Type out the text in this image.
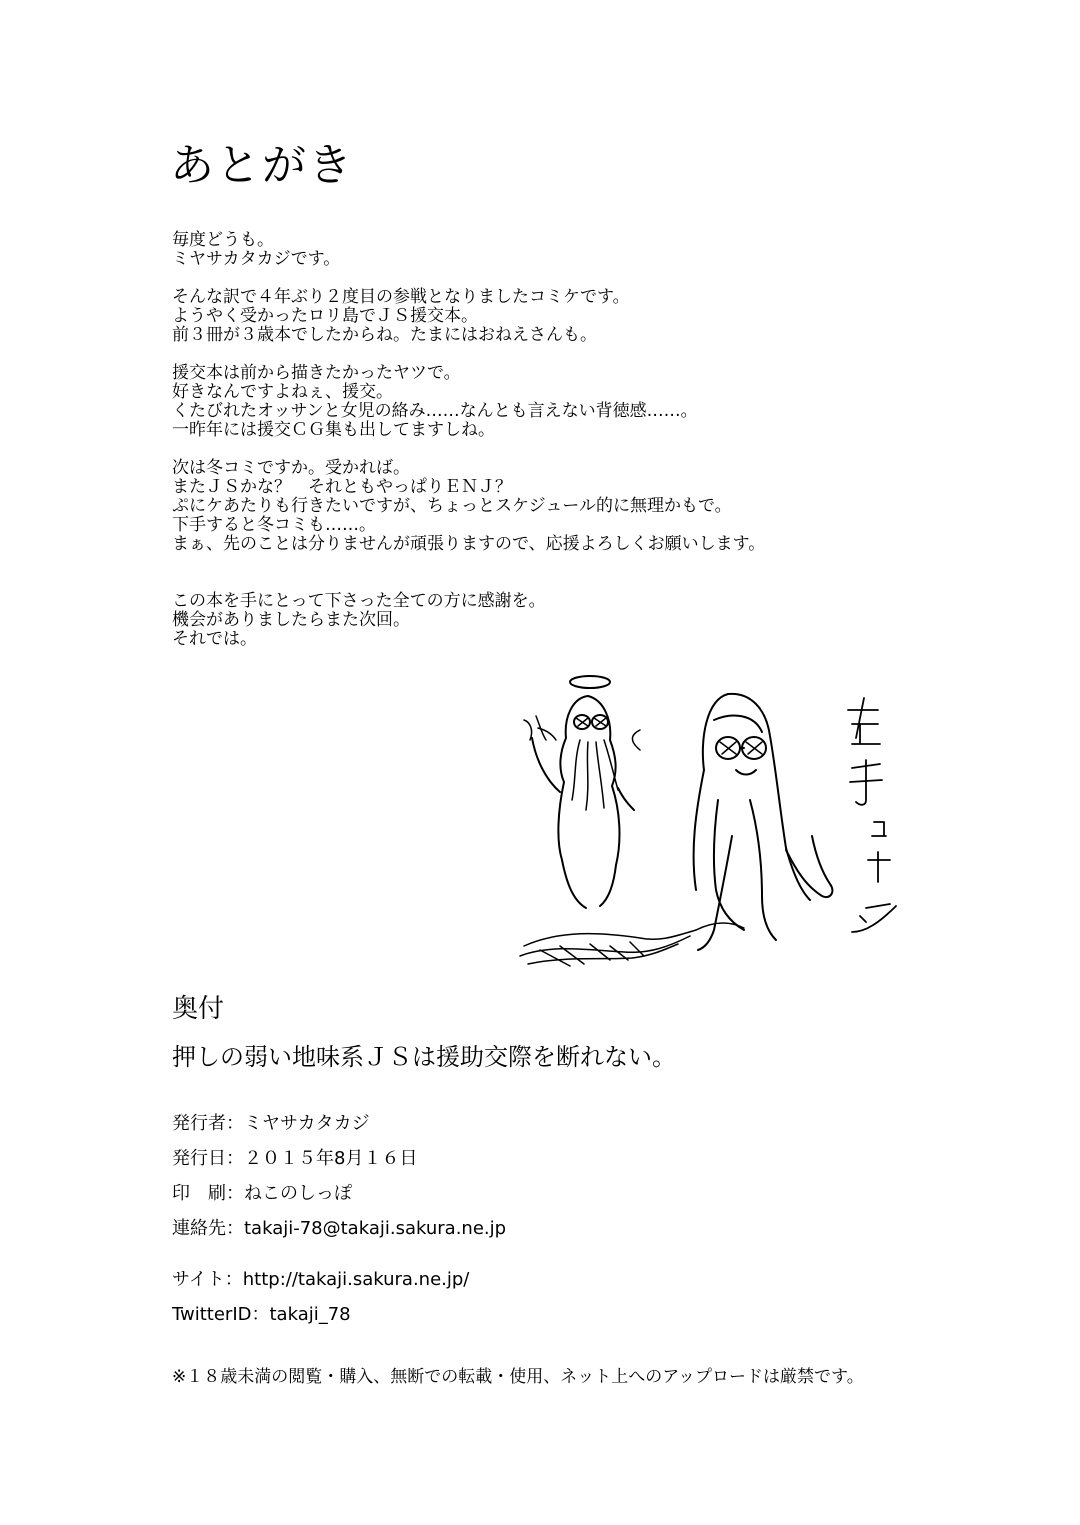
あとがき
毎度どうも。
ミヤサカタカジです。
そんな訳で４年ぶり２度目の参戦となりましたコミケです。
ようやく受かったロリ島でＪＳ援交本。
前３冊が３歳本でしたからね。たまにはおねえさんも。
援交本は前から描きたかったヤツで。
好きなんですよねぇ、援交。
くたびれたオッサンと女児の絡み……なんとも言えない背徳感……。
一昨年には援交ＣＧ集も出してますしね。
次は冬コミですか。受かれば。
またＪＳかな？　それともやっぱりＥＮＪ？
ぷにケあたりも行きたいですが、ちょっとスケジュール的に無理かもで。
下手すると冬コミも……。
まぁ、先のことは分りませんが頑張りますので、応援よろしくお願いします。
この本を手にとって下さった全ての方に感謝を。
機会がありましたらまた次回。
それでは。
おしく	左手キューン
奥付
押しの弱い地味系ＪＳは援助交際を断れない。
発行者：ミヤサカタカジ
発行日：２０１５年8月１６日
印　刷：ねこのしっぽ
連絡先：takaji-78@takaji.sakura.ne.jp
サイト：http://takaji.sakura.ne.jp/
TwitterID：takaji_78
※１８歳未満の閲覧・購入、無断での転載・使用、ネット上へのアップロードは厳禁です。
